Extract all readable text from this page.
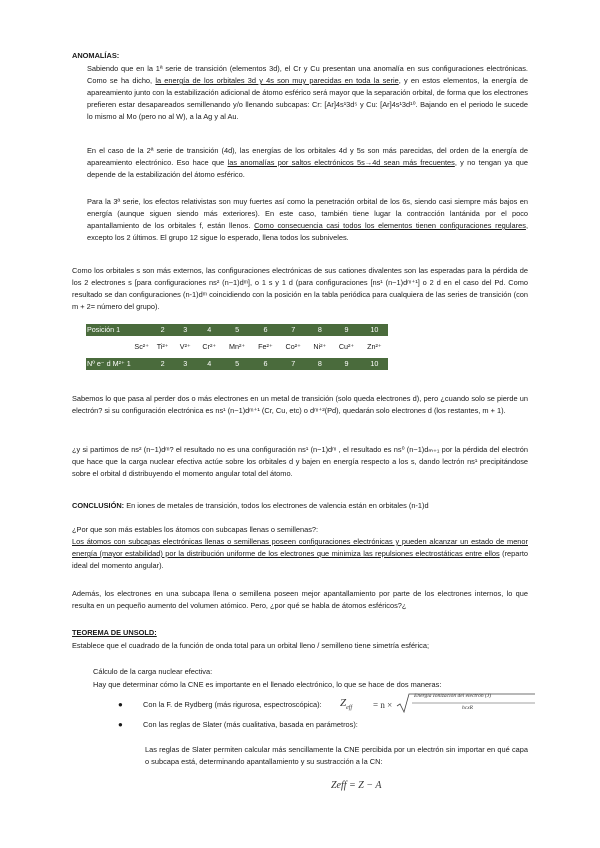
ANOMALÍAS:
Sabiendo que en la 1ª serie de transición (elementos 3d), el Cr y Cu presentan una anomalía en sus configuraciones electrónicas. Como se ha dicho, la energía de los orbitales 3d y 4s son muy parecidas en toda la serie, y en estos elementos, la energía de apareamiento junto con la estabilización adicional de átomo esférico será mayor que la separación orbital, de forma que los electrones prefieren estar desapareados semillenando y/o llenando subcapas: Cr: [Ar]4s¹3d⁵ y Cu: [Ar]4s¹3d¹⁰. Bajando en el periodo le sucede lo mismo al Mo (pero no al W), a la Ag y al Au.
En el caso de la 2ª serie de transición (4d), las energías de los orbitales 4d y 5s son más parecidas, del orden de la energía de apareamiento electrónico. Eso hace que las anomalías por saltos electrónicos 5s→4d sean más frecuentes, y no tengan ya que depende de la estabilización del átomo esférico.
Para la 3ª serie, los efectos relativistas son muy fuertes así como la penetración orbital de los 6s, siendo casi siempre más bajos en energía (aunque siguen siendo más exteriores). En este caso, también tiene lugar la contracción lantánida por el poco apantallamiento de los orbitales f, están llenos. Como consecuencia casi todos los elementos tienen configuraciones regulares, excepto los 2 últimos. El grupo 12 sigue lo esperado, llena todos los subniveles.
Como los orbitales s son más externos, las configuraciones electrónicas de sus cationes divalentes son las esperadas para la pérdida de los 2 electrones s [para configuraciones ns² (n−1)dᵐ], o 1 s y 1 d (para configuraciones [ns¹ (n−1)dᵐ⁺¹] o 2 d en el caso del Pd. Como resultado se dan configuraciones (n-1)dᵐ coincidiendo con la posición en la tabla periódica para cualquiera de las series de transición (con m + 2= número del grupo).
Posición 1	2	3	4	5	6	7	8	9	10
Sc²⁺	Ti²⁺	V²⁺	Cr²⁺	Mn²⁺	Fe²⁺	Co²⁺	Ni²⁺	Cu²⁺	Zn²⁺
Nº e⁻ d M²⁺ 1	2	3	4	5	6	7	8	9	10
Sabemos lo que pasa al perder dos o más electrones en un metal de transición (solo queda electrones d), pero ¿cuando solo se pierde un electrón? si su configuración electrónica es ns¹ (n−1)dᵐ⁺¹ (Cr, Cu, etc) o dᵐ⁺²(Pd), quedarán solo electrones d (los restantes, m + 1).
¿y si partimos de ns² (n−1)dᵐ? el resultado no es una configuración ns¹ (n−1)dᵐ , el resultado es ns⁰ (n−1)dₘ₊₁ por la pérdida del electrón que hace que la carga nuclear efectiva actúe sobre los orbitales d y bajen en energía respecto a los s, dando lectrón ns¹ precipitándose sobre el orbital d distribuyendo el momento angular total del átomo.
CONCLUSIÓN: En iones de metales de transición, todos los electrones de valencia están en orbitales (n-1)d
¿Por que son más estables los átomos con subcapas llenas o semillenas?:
Los átomos con subcapas electrónicas llenas o semillenas poseen configuraciones electrónicas y pueden alcanzar un estado de menor energía (mayor estabilidad) por la distribución uniforme de los electrones que minimiza las repulsiones electrostáticas entre ellos (reparto ideal del momento angular).
Además, los electrones en una subcapa llena o semillena poseen mejor apantallamiento por parte de los electrones internos, lo que resulta en un pequeño aumento del volumen atómico. Pero, ¿por qué se habla de átomos esféricos?¿
TEOREMA DE UNSOLD:
Establece que el cuadrado de la función de onda total para un orbital lleno / semilleno tiene simetría esférica;
Cálculo de la carga nuclear efectiva:
Hay que determinar cómo la CNE es importante en el llenado electrónico, lo que se hace de dos maneras:
●	Con la F. de Rydberg (más rigurosa, espectroscópica):	$Z_{eff} = n$ ×
Energía Ionización del electrón (J)
hcxR
●	Con las reglas de Slater (más cualitativa, basada en parámetros):
Las reglas de Slater permiten calcular más sencillamente la CNE percibida por un electrón sin importar en qué capa o subcapa está, determinando apantallamiento y su sustracción a la CN:
Zeff = Z − A
